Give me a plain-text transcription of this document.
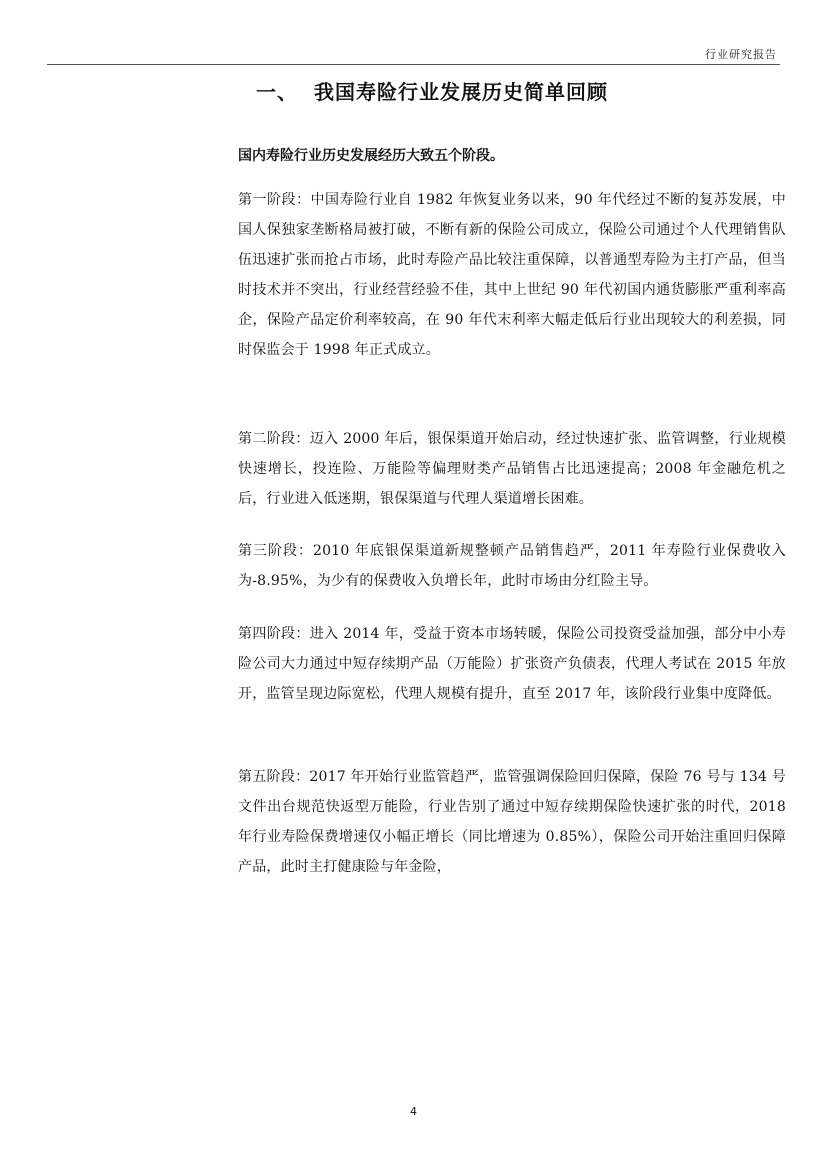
行业研究报告
一、 我国寿险行业发展历史简单回顾

国内寿险行业历史发展经历大致五个阶段。

第一阶段：中国寿险行业自 1982 年恢复业务以来，90 年代经过不断的复苏发展，中国人保独家垄断格局被打破，不断有新的保险公司成立，保险公司通过个人代理销售队伍迅速扩张而抢占市场，此时寿险产品比较注重保障，以普通型寿险为主打产品，但当时技术并不突出，行业经营经验不佳，其中上世纪 90 年代初国内通货膨胀严重利率高企，保险产品定价利率较高，在 90 年代末利率大幅走低后行业出现较大的利差损，同时保监会于 1998 年正式成立。

第二阶段：迈入 2000 年后，银保渠道开始启动，经过快速扩张、监管调整，行业规模快速增长，投连险、万能险等偏理财类产品销售占比迅速提高；2008 年金融危机之后，行业进入低迷期，银保渠道与代理人渠道增长困难。

第三阶段：2010 年底银保渠道新规整顿产品销售趋严，2011 年寿险行业保费收入为-8.95%，为少有的保费收入负增长年，此时市场由分红险主导。

第四阶段：进入 2014 年，受益于资本市场转暖，保险公司投资受益加强，部分中小寿险公司大力通过中短存续期产品（万能险）扩张资产负债表，代理人考试在 2015 年放开，监管呈现边际宽松，代理人规模有提升，直至 2017 年，该阶段行业集中度降低。

第五阶段：2017 年开始行业监管趋严，监管强调保险回归保障，保险 76 号与 134 号文件出台规范快返型万能险，行业告别了通过中短存续期保险快速扩张的时代，2018 年行业寿险保费增速仅小幅正增长（同比增速为 0.85%），保险公司开始注重回归保障产品，此时主打健康险与年金险，

4
